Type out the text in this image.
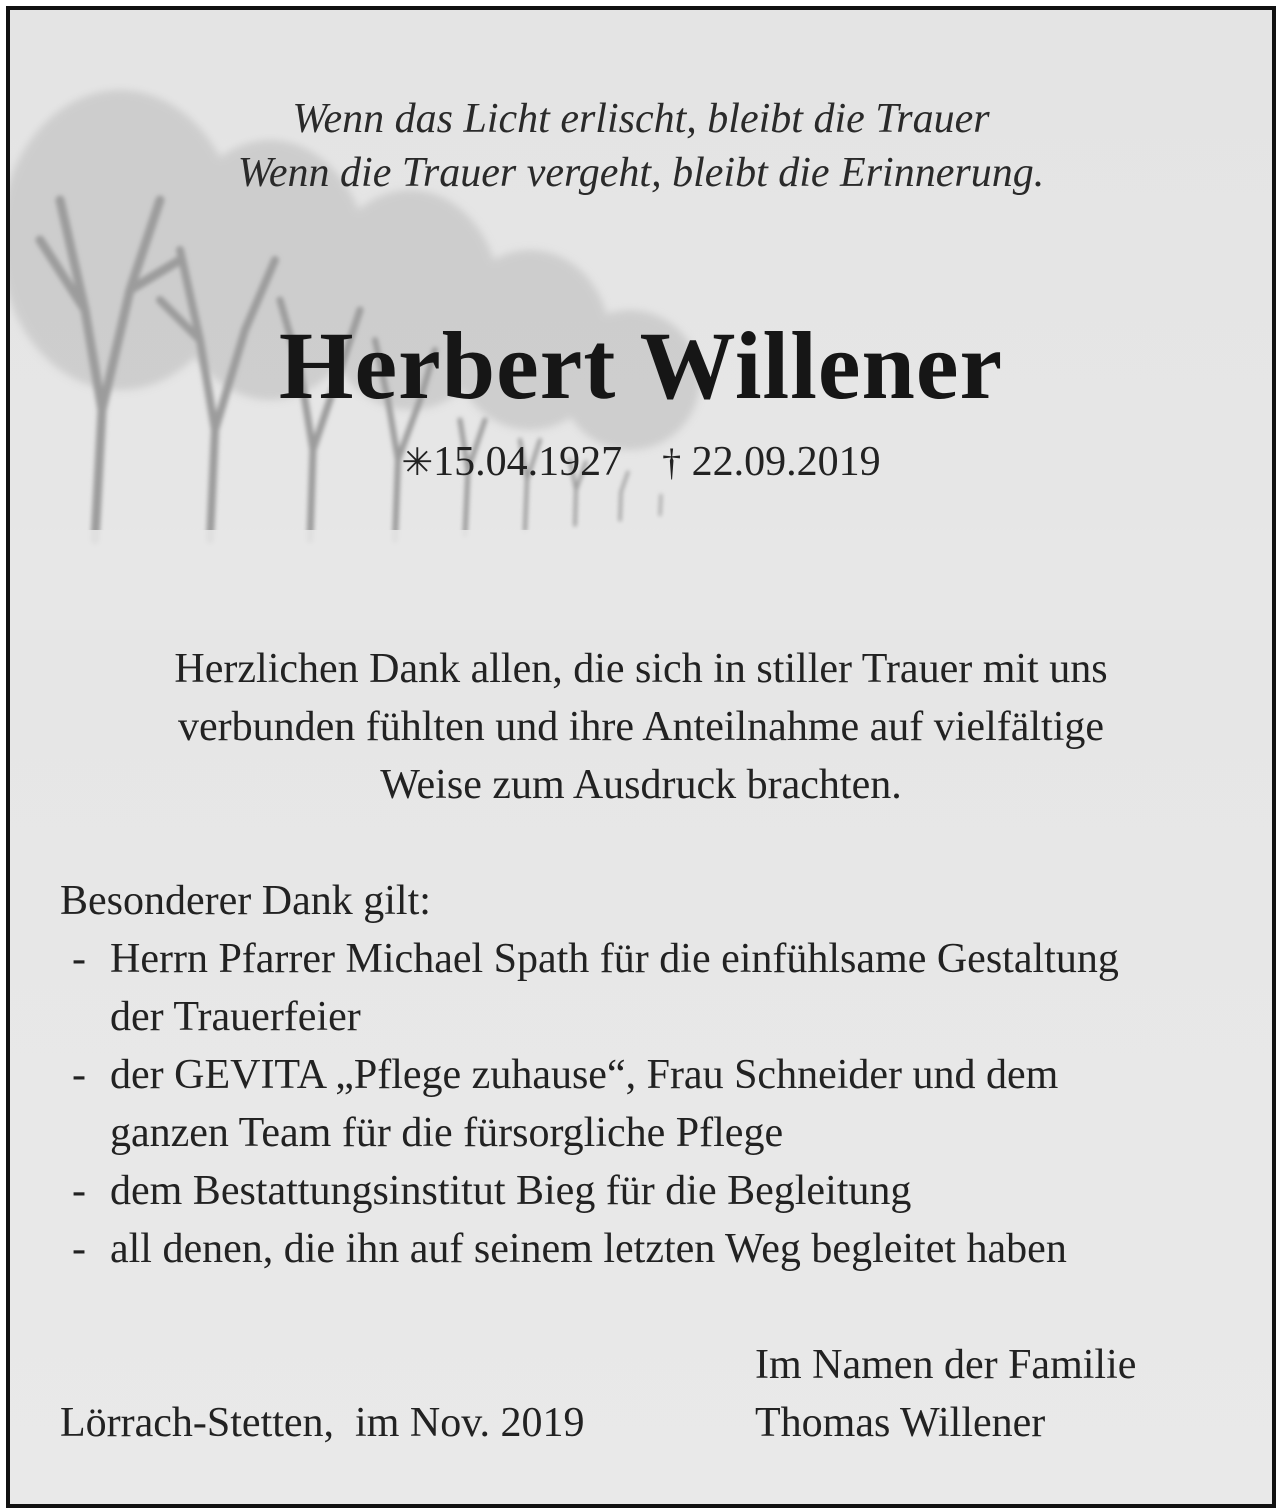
Wenn das Licht erlischt, bleibt die Trauer
Wenn die Trauer vergeht, bleibt die Erinnerung.
Herbert Willener
✳15.04.1927 † 22.09.2019
Herzlichen Dank allen, die sich in stiller Trauer mit uns
verbunden fühlten und ihre Anteilnahme auf vielfältige
Weise zum Ausdruck brachten.
Besonderer Dank gilt:
- Herrn Pfarrer Michael Spath für die einfühlsame Gestaltung
der Trauerfeier
- der GEVITA „Pflege zuhause“, Frau Schneider und dem
ganzen Team für die fürsorgliche Pflege
- dem Bestattungsinstitut Bieg für die Begleitung
- all denen, die ihn auf seinem letzten Weg begleitet haben
Im Namen der Familie
Thomas Willener
Lörrach-Stetten,  im Nov. 2019
